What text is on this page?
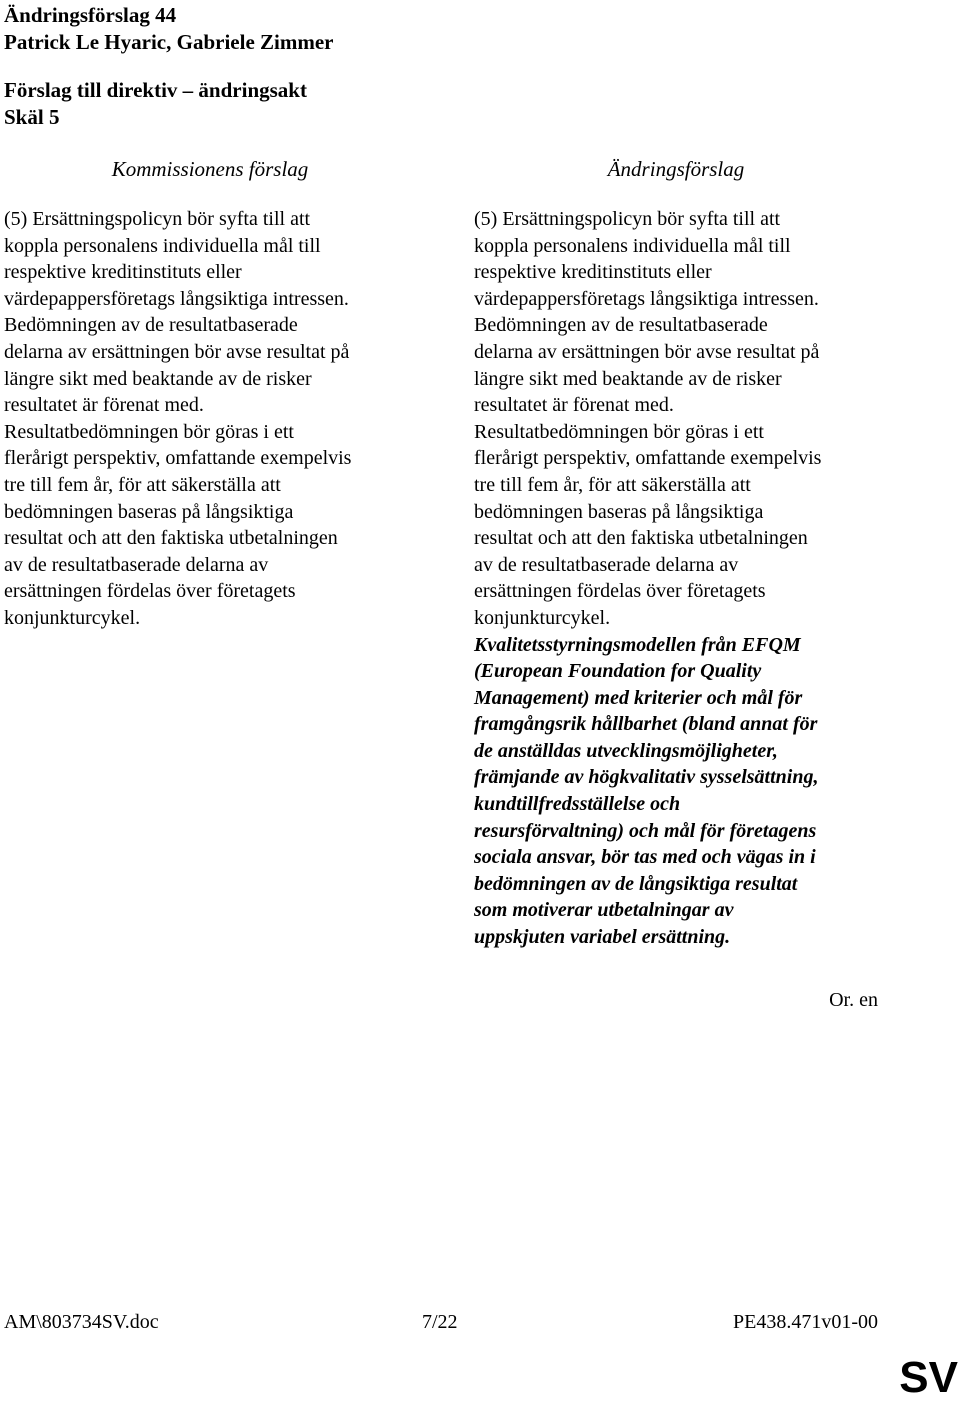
Ändringsförslag 44
Patrick Le Hyaric, Gabriele Zimmer
Förslag till direktiv – ändringsakt
Skäl 5
Kommissionens förslag	Ändringsförslag
(5) Ersättningspolicyn bör syfta till att
koppla personalens individuella mål till
respektive kreditinstituts eller
värdepappersföretags långsiktiga intressen.
Bedömningen av de resultatbaserade
delarna av ersättningen bör avse resultat på
längre sikt med beaktande av de risker
resultatet är förenat med.
Resultatbedömningen bör göras i ett
flerårigt perspektiv, omfattande exempelvis
tre till fem år, för att säkerställa att
bedömningen baseras på långsiktiga
resultat och att den faktiska utbetalningen
av de resultatbaserade delarna av
ersättningen fördelas över företagets
konjunkturcykel.
(5) Ersättningspolicyn bör syfta till att
koppla personalens individuella mål till
respektive kreditinstituts eller
värdepappersföretags långsiktiga intressen.
Bedömningen av de resultatbaserade
delarna av ersättningen bör avse resultat på
längre sikt med beaktande av de risker
resultatet är förenat med.
Resultatbedömningen bör göras i ett
flerårigt perspektiv, omfattande exempelvis
tre till fem år, för att säkerställa att
bedömningen baseras på långsiktiga
resultat och att den faktiska utbetalningen
av de resultatbaserade delarna av
ersättningen fördelas över företagets
konjunkturcykel.
Kvalitetsstyrningsmodellen från EFQM
(European Foundation for Quality
Management) med kriterier och mål för
framgångsrik hållbarhet (bland annat för
de anställdas utvecklingsmöjligheter,
främjande av högkvalitativ sysselsättning,
kundtillfredsställelse och
resursförvaltning) och mål för företagens
sociala ansvar, bör tas med och vägas in i
bedömningen av de långsiktiga resultat
som motiverar utbetalningar av
uppskjuten variabel ersättning.
Or. en
AM\803734SV.doc	7/22	PE438.471v01-00
SV
